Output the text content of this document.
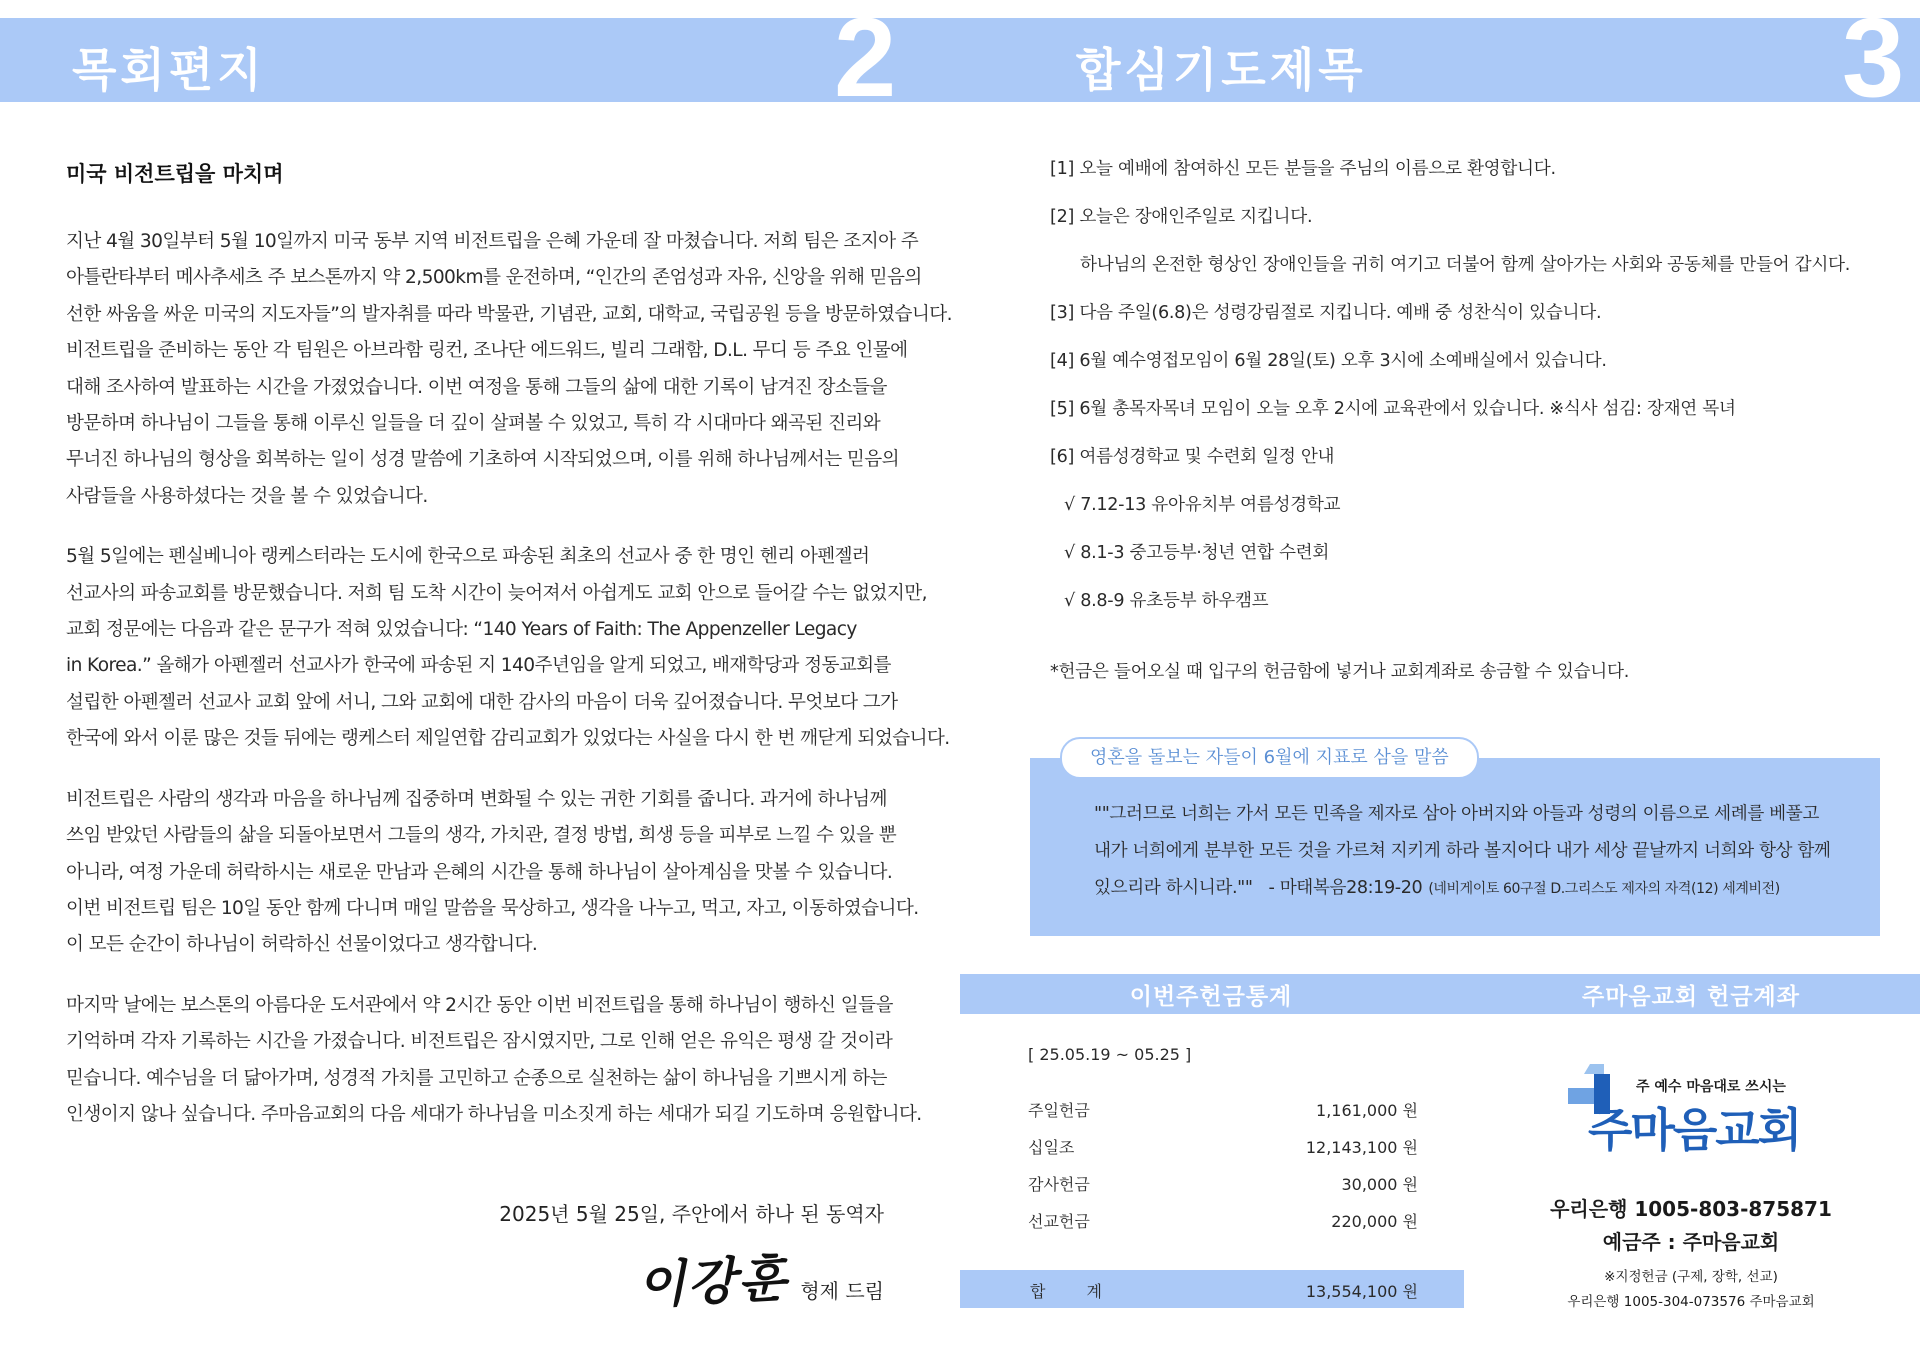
목회편지	2	합심기도제목	3
미국 비전트립을 마치며
지난 4월 30일부터 5월 10일까지 미국 동부 지역 비전트립을 은혜 가운데 잘 마쳤습니다. 저희 팀은 조지아 주
아틀란타부터 메사추세츠 주 보스톤까지 약 2,500km를 운전하며, “인간의 존엄성과 자유, 신앙을 위해 믿음의
선한 싸움을 싸운 미국의 지도자들”의 발자취를 따라 박물관, 기념관, 교회, 대학교, 국립공원 등을 방문하였습니다.
비전트립을 준비하는 동안 각 팀원은 아브라함 링컨, 조나단 에드워드, 빌리 그래함, D.L. 무디 등 주요 인물에
대해 조사하여 발표하는 시간을 가졌었습니다. 이번 여정을 통해 그들의 삶에 대한 기록이 남겨진 장소들을
방문하며 하나님이 그들을 통해 이루신 일들을 더 깊이 살펴볼 수 있었고, 특히 각 시대마다 왜곡된 진리와
무너진 하나님의 형상을 회복하는 일이 성경 말씀에 기초하여 시작되었으며, 이를 위해 하나님께서는 믿음의
사람들을 사용하셨다는 것을 볼 수 있었습니다.
5월 5일에는 펜실베니아 랭케스터라는 도시에 한국으로 파송된 최초의 선교사 중 한 명인 헨리 아펜젤러
선교사의 파송교회를 방문했습니다. 저희 팀 도착 시간이 늦어져서 아쉽게도 교회 안으로 들어갈 수는 없었지만,
교회 정문에는 다음과 같은 문구가 적혀 있었습니다: “140 Years of Faith: The Appenzeller Legacy
in Korea.” 올해가 아펜젤러 선교사가 한국에 파송된 지 140주년임을 알게 되었고, 배재학당과 정동교회를
설립한 아펜젤러 선교사 교회 앞에 서니, 그와 교회에 대한 감사의 마음이 더욱 깊어졌습니다. 무엇보다 그가
한국에 와서 이룬 많은 것들 뒤에는 랭케스터 제일연합 감리교회가 있었다는 사실을 다시 한 번 깨닫게 되었습니다.
비전트립은 사람의 생각과 마음을 하나님께 집중하며 변화될 수 있는 귀한 기회를 줍니다. 과거에 하나님께
쓰임 받았던 사람들의 삶을 되돌아보면서 그들의 생각, 가치관, 결정 방법, 희생 등을 피부로 느낄 수 있을 뿐
아니라, 여정 가운데 허락하시는 새로운 만남과 은혜의 시간을 통해 하나님이 살아계심을 맛볼 수 있습니다.
이번 비전트립 팀은 10일 동안 함께 다니며 매일 말씀을 묵상하고, 생각을 나누고, 먹고, 자고, 이동하였습니다.
이 모든 순간이 하나님이 허락하신 선물이었다고 생각합니다.
마지막 날에는 보스톤의 아름다운 도서관에서 약 2시간 동안 이번 비전트립을 통해 하나님이 행하신 일들을
기억하며 각자 기록하는 시간을 가졌습니다. 비전트립은 잠시였지만, 그로 인해 얻은 유익은 평생 갈 것이라
믿습니다. 예수님을 더 닮아가며, 성경적 가치를 고민하고 순종으로 실천하는 삶이 하나님을 기쁘시게 하는
인생이지 않나 싶습니다. 주마음교회의 다음 세대가 하나님을 미소짓게 하는 세대가 되길 기도하며 응원합니다.
2025년 5월 25일, 주안에서 하나 된 동역자
이강훈 형제 드림
[1] 오늘 예배에 참여하신 모든 분들을 주님의 이름으로 환영합니다.
[2] 오늘은 장애인주일로 지킵니다.
하나님의 온전한 형상인 장애인들을 귀히 여기고 더불어 함께 살아가는 사회와 공동체를 만들어 갑시다.
[3] 다음 주일(6.8)은 성령강림절로 지킵니다. 예배 중 성찬식이 있습니다.
[4] 6월 예수영접모임이 6월 28일(토) 오후 3시에 소예배실에서 있습니다.
[5] 6월 총목자목녀 모임이 오늘 오후 2시에 교육관에서 있습니다. ※식사 섬김: 장재연 목녀
[6] 여름성경학교 및 수련회 일정 안내
√ 7.12-13 유아유치부 여름성경학교
√ 8.1-3 중고등부·청년 연합 수련회
√ 8.8-9 유초등부 하우캠프
*헌금은 들어오실 때 입구의 헌금함에 넣거나 교회계좌로 송금할 수 있습니다.
영혼을 돌보는 자들이 6월에 지표로 삼을 말씀
""그러므로 너희는 가서 모든 민족을 제자로 삼아 아버지와 아들과 성령의 이름으로 세례를 베풀고
내가 너희에게 분부한 모든 것을 가르쳐 지키게 하라 볼지어다 내가 세상 끝날까지 너희와 항상 함께
있으리라 하시니라."" - 마태복음28:19-20 (네비게이토 60구절 D.그리스도 제자의 자격(12) 세계비전)
이번주헌금통계	주마음교회 헌금계좌
[ 25.05.19 ~ 05.25 ]
주일헌금	1,161,000 원
십일조	12,143,100 원
감사헌금	30,000 원
선교헌금	220,000 원
합 계	13,554,100 원
주 예수 마음대로 쓰시는
주마음교회
우리은행 1005-803-875871
예금주 : 주마음교회
※지정헌금 (구제, 장학, 선교)
우리은행 1005-304-073576 주마음교회
